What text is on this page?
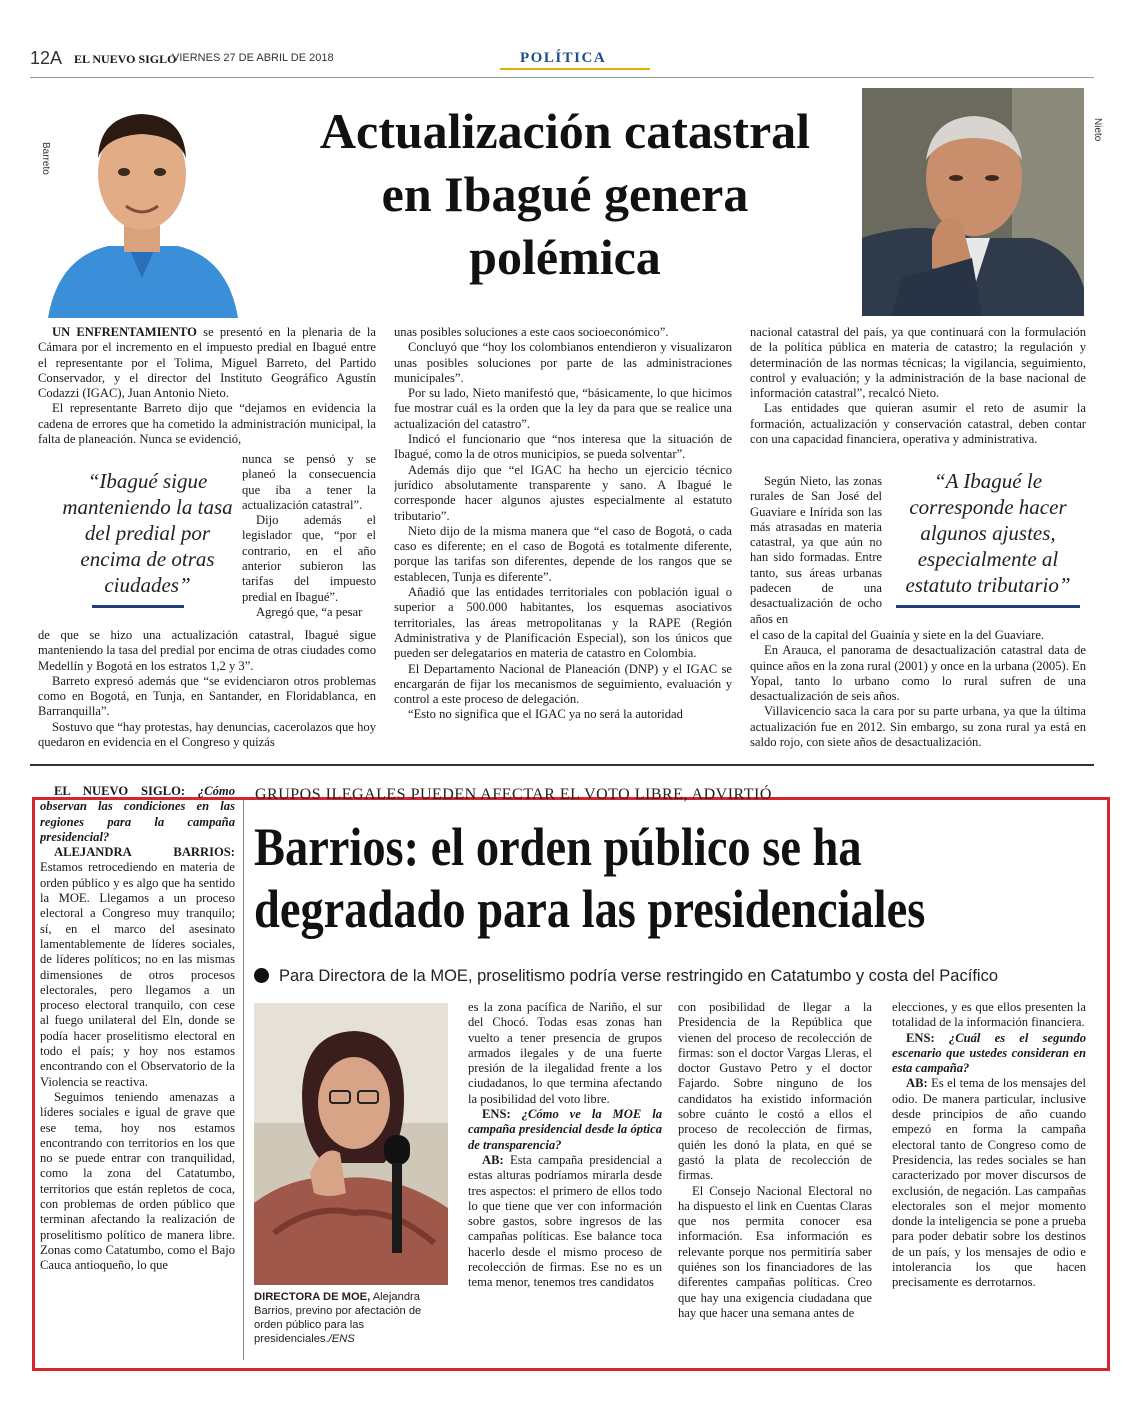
12A EL NUEVO SIGLO
VIERNES 27 DE ABRIL DE 2018	POLÍTICA
Barreto
Nieto
Actualización catastral
en Ibagué genera
polémica

UN ENFRENTAMIENTO se presentó en la plenaria de la Cámara por el incremento en el impuesto predial en Ibagué entre el representante por el Tolima, Miguel Barreto, del Partido Conservador, y el director del Instituto Geográfico Agustín Codazzi (IGAC), Juan Antonio Nieto.

El representante Barreto dijo que “dejamos en evidencia la cadena de errores que ha cometido la administración municipal, la falta de planeación. Nunca se evidenció,

“Ibagué sigue manteniendo la tasa del predial por encima de otras ciudades”

nunca se pensó y se planeó la consecuencia que iba a tener la actualización catastral”.

Dijo además el legislador que, “por el contrario, en el año anterior subieron las tarifas del impuesto predial en Ibagué”.

Agregó que, “a pesar

de que se hizo una actualización catastral, Ibagué sigue manteniendo la tasa del predial por encima de otras ciudades como Medellín y Bogotá en los estratos 1,2 y 3”.

Barreto expresó además que “se evidenciaron otros problemas como en Bogotá, en Tunja, en Santander, en Floridablanca, en Barranquilla”.

Sostuvo que “hay protestas, hay denuncias, cacerolazos que hoy quedaron en evidencia en el Congreso y quizás

unas posibles soluciones a este caos socioeconómico”.

Concluyó que “hoy los colombianos entendieron y visualizaron unas posibles soluciones por parte de las administraciones municipales”.

Por su lado, Nieto manifestó que, “básicamente, lo que hicimos fue mostrar cuál es la orden que la ley da para que se realice una actualización del catastro”.

Indicó el funcionario que “nos interesa que la situación de Ibagué, como la de otros municipios, se pueda solventar”.

Además dijo que “el IGAC ha hecho un ejercicio técnico jurídico absolutamente transparente y sano. A Ibagué le corresponde hacer algunos ajustes especialmente al estatuto tributario”.

Nieto dijo de la misma manera que “el caso de Bogotá, o cada caso es diferente; en el caso de Bogotá es totalmente diferente, porque las tarifas son diferentes, depende de los rangos que se establecen, Tunja es diferente”.

Añadió que las entidades territoriales con población igual o superior a 500.000 habitantes, los esquemas asociativos territoriales, las áreas metropolitanas y la RAPE (Región Administrativa y de Planificación Especial), son los únicos que pueden ser delegatarios en materia de catastro en Colombia.

El Departamento Nacional de Planeación (DNP) y el IGAC se encargarán de fijar los mecanismos de seguimiento, evaluación y control a este proceso de delegación.

“Esto no significa que el IGAC ya no será la autoridad

nacional catastral del país, ya que continuará con la formulación de la política pública en materia de catastro; la regulación y determinación de las normas técnicas; la vigilancia, seguimiento, control y evaluación; y la administración de la base nacional de información catastral”, recalcó Nieto.

Las entidades que quieran asumir el reto de asumir la formación, actualización y conservación catastral, deben contar con una capacidad financiera, operativa y administrativa.

Según Nieto, las zonas rurales de San José del Guaviare e Inírida son las más atrasadas en materia catastral, ya que aún no han sido formadas. Entre tanto, sus áreas urbanas padecen de una desactualización de ocho años en

“A Ibagué le corresponde hacer algunos ajustes, especialmente al estatuto tributario”

el caso de la capital del Guainía y siete en la del Guaviare.

En Arauca, el panorama de desactualización catastral data de quince años en la zona rural (2001) y once en la urbana (2005). En Yopal, tanto lo urbano como lo rural sufren de una desactualización de seis años.

Villavicencio saca la cara por su parte urbana, ya que la última actualización fue en 2012. Sin embargo, su zona rural ya está en saldo rojo, con siete años de desactualización.

GRUPOS ILEGALES PUEDEN AFECTAR EL VOTO LIBRE, ADVIRTIÓ
Barrios: el orden público se ha
degradado para las presidenciales
Para Directora de la MOE, proselitismo podría verse restringido en Catatumbo y costa del Pacífico

EL NUEVO SIGLO: ¿Cómo observan las condiciones en las regiones para la campaña presidencial?

ALEJANDRA BARRIOS: Estamos retrocediendo en materia de orden público y es algo que ha sentido la MOE. Llegamos a un proceso electoral a Congreso muy tranquilo; sí, en el marco del asesinato lamentablemente de líderes sociales, de líderes políticos; no en las mismas dimensiones de otros procesos electorales, pero llegamos a un proceso electoral tranquilo, con cese al fuego unilateral del Eln, donde se podía hacer proselitismo electoral en todo el país; y hoy nos estamos encontrando con el Observatorio de la Violencia se reactiva.

Seguimos teniendo amenazas a líderes sociales e igual de grave que ese tema, hoy nos estamos encontrando con territorios en los que no se puede entrar con tranquilidad, como la zona del Catatumbo, territorios que están repletos de coca, con problemas de orden público que terminan afectando la realización de proselitismo político de manera libre. Zonas como Catatumbo, como el Bajo Cauca antioqueño, lo que

DIRECTORA DE MOE, Alejandra Barrios, previno por afectación de orden público para las presidenciales./ENS

es la zona pacífica de Nariño, el sur del Chocó. Todas esas zonas han vuelto a tener presencia de grupos armados ilegales y de una fuerte presión de la ilegalidad frente a los ciudadanos, lo que termina afectando la posibilidad del voto libre.

ENS: ¿Cómo ve la MOE la campaña presidencial desde la óptica de transparencia?

AB: Esta campaña presidencial a estas alturas podríamos mirarla desde tres aspectos: el primero de ellos todo lo que tiene que ver con información sobre gastos, sobre ingresos de las campañas políticas. Ese balance toca hacerlo desde el mismo proceso de recolección de firmas. Ese no es un tema menor, tenemos tres candidatos

con posibilidad de llegar a la Presidencia de la República que vienen del proceso de recolección de firmas: son el doctor Vargas Lleras, el doctor Gustavo Petro y el doctor Fajardo. Sobre ninguno de los candidatos ha existido información sobre cuánto le costó a ellos el proceso de recolección de firmas, quién les donó la plata, en qué se gastó la plata de recolección de firmas.

El Consejo Nacional Electoral no ha dispuesto el link en Cuentas Claras que nos permita conocer esa información. Esa información es relevante porque nos permitiría saber quiénes son los financiadores de las diferentes campañas políticas. Creo que hay una exigencia ciudadana que hay que hacer una semana antes de

elecciones, y es que ellos presenten la totalidad de la información financiera.

ENS: ¿Cuál es el segundo escenario que ustedes consideran en esta campaña?

AB: Es el tema de los mensajes del odio. De manera particular, inclusive desde principios de año cuando empezó en forma la campaña electoral tanto de Congreso como de Presidencia, las redes sociales se han caracterizado por mover discursos de exclusión, de negación. Las campañas electorales son el mejor momento donde la inteligencia se pone a prueba para poder debatir sobre los destinos de un país, y los mensajes de odio e intolerancia los que hacen precisamente es derrotarnos.
